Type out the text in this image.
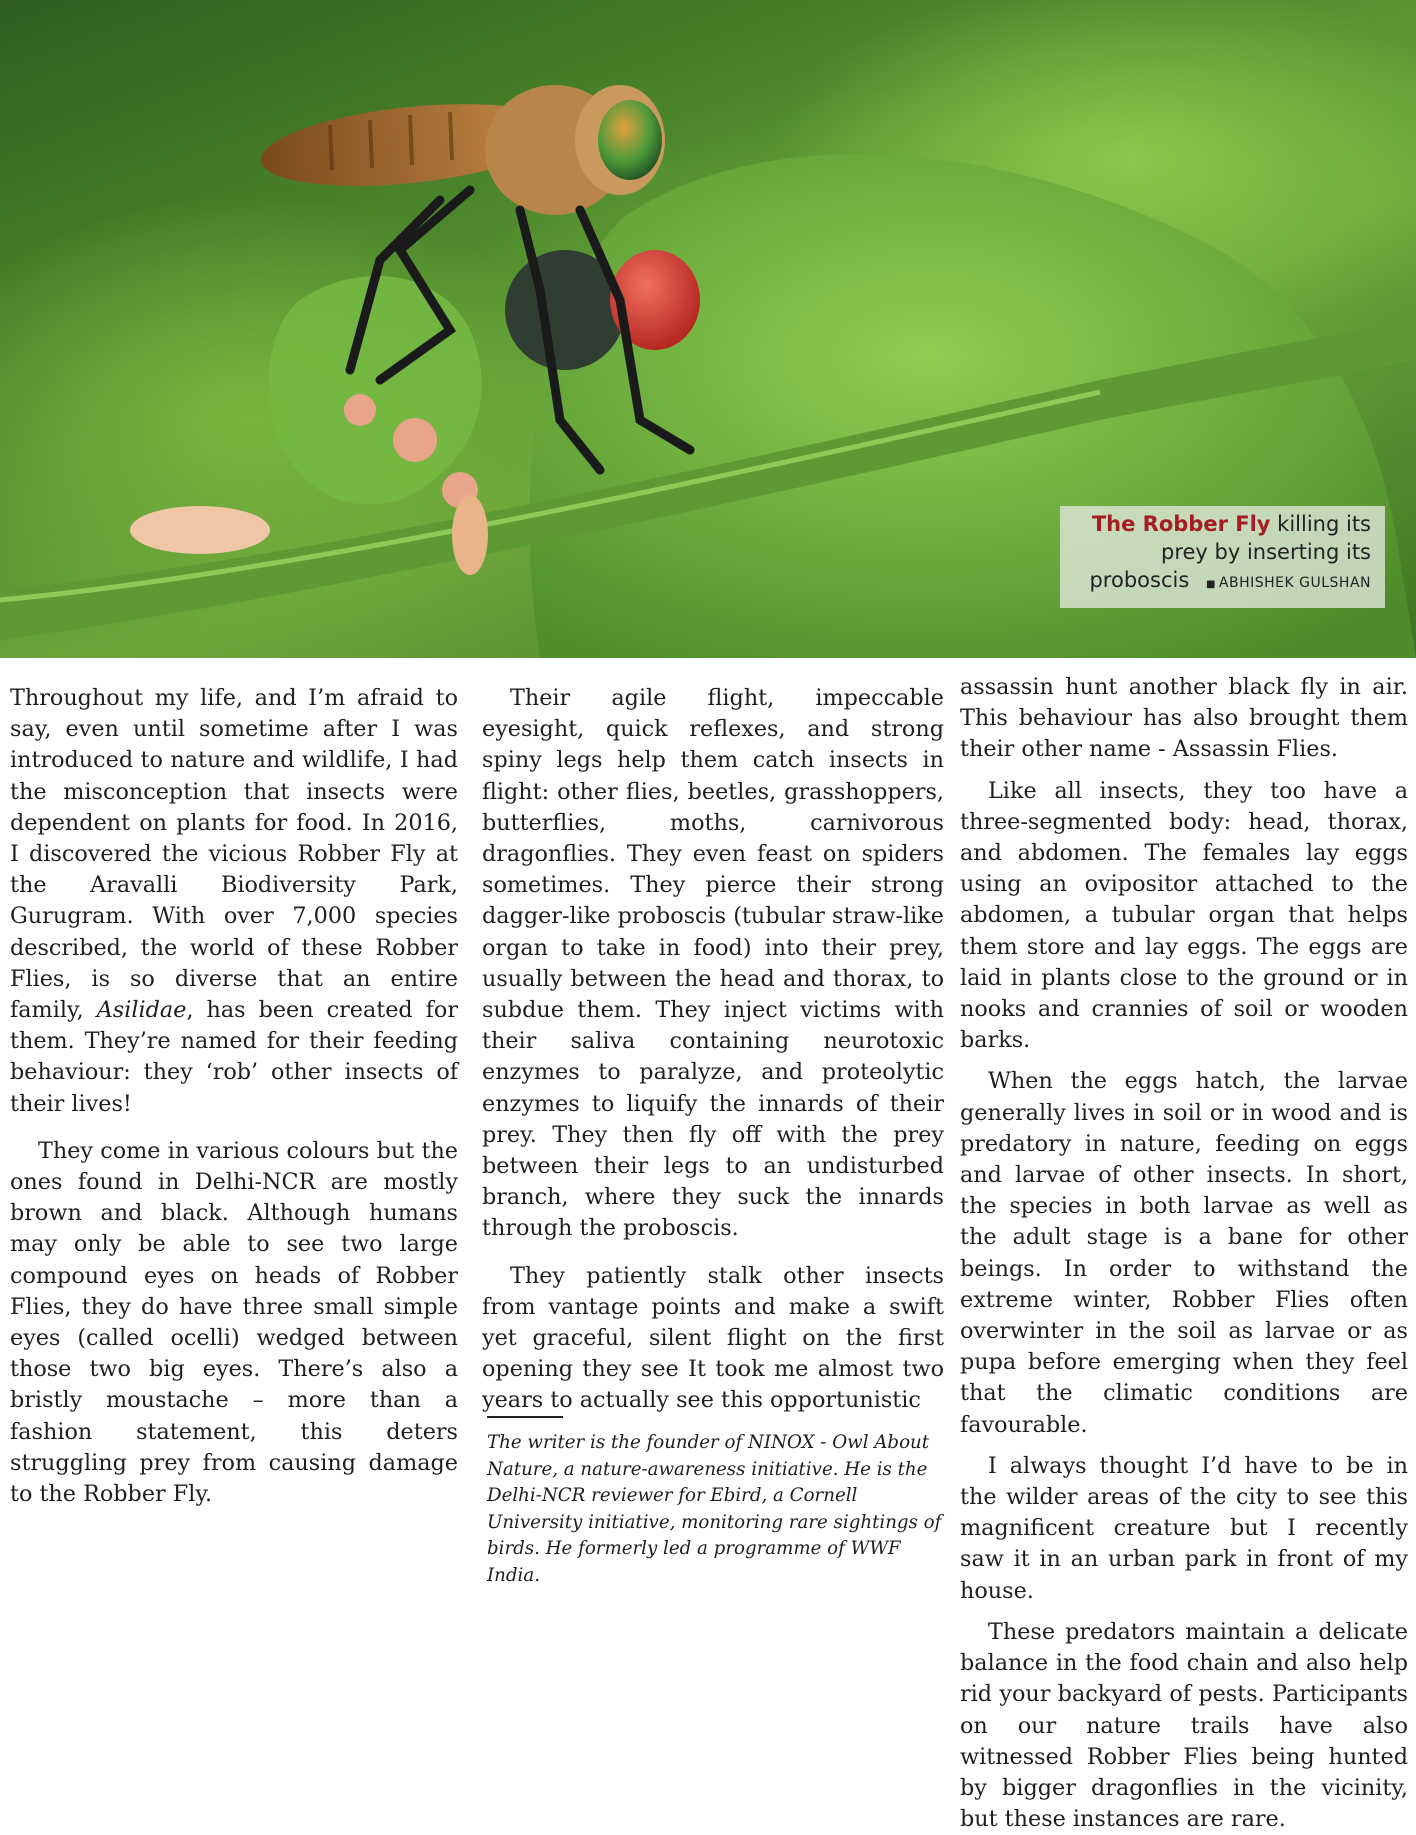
The Robber Fly killing its prey by inserting its proboscis ■ ABHISHEK GULSHAN

Throughout my life, and I’m afraid to say, even until sometime after I was introduced to nature and wildlife, I had the misconception that insects were dependent on plants for food. In 2016, I discovered the vicious Robber Fly at the Aravalli Biodiversity Park, Gurugram. With over 7,000 species described, the world of these Robber Flies, is so diverse that an entire family, Asilidae, has been created for them. They’re named for their feeding behaviour: they ‘rob’ other insects of their lives!

They come in various colours but the ones found in Delhi-NCR are mostly brown and black. Although humans may only be able to see two large compound eyes on heads of Robber Flies, they do have three small simple eyes (called ocelli) wedged between those two big eyes. There’s also a bristly moustache – more than a fashion statement, this deters struggling prey from causing damage to the Robber Fly.

Their agile flight, impeccable eyesight, quick reflexes, and strong spiny legs help them catch insects in flight: other flies, beetles, grasshoppers, butterflies, moths, carnivorous dragonflies. They even feast on spiders sometimes. They pierce their strong dagger-like proboscis (tubular straw-like organ to take in food) into their prey, usually between the head and thorax, to subdue them. They inject victims with their saliva containing neurotoxic enzymes to paralyze, and proteolytic enzymes to liquify the innards of their prey. They then fly off with the prey between their legs to an undisturbed branch, where they suck the innards through the proboscis.

They patiently stalk other insects from vantage points and make a swift yet graceful, silent flight on the first opening they see It took me almost two years to actually see this opportunistic

The writer is the founder of NINOX - Owl About Nature, a nature-awareness initiative. He is the Delhi-NCR reviewer for Ebird, a Cornell University initiative, monitoring rare sightings of birds. He formerly led a programme of WWF India.

assassin hunt another black fly in air. This behaviour has also brought them their other name - Assassin Flies.

Like all insects, they too have a three-segmented body: head, thorax, and abdomen. The females lay eggs using an ovipositor attached to the abdomen, a tubular organ that helps them store and lay eggs. The eggs are laid in plants close to the ground or in nooks and crannies of soil or wooden barks.

When the eggs hatch, the larvae generally lives in soil or in wood and is predatory in nature, feeding on eggs and larvae of other insects. In short, the species in both larvae as well as the adult stage is a bane for other beings. In order to withstand the extreme winter, Robber Flies often overwinter in the soil as larvae or as pupa before emerging when they feel that the climatic conditions are favourable.

I always thought I’d have to be in the wilder areas of the city to see this magnificent creature but I recently saw it in an urban park in front of my house.

These predators maintain a delicate balance in the food chain and also help rid your backyard of pests. Participants on our nature trails have also witnessed Robber Flies being hunted by bigger dragonflies in the vicinity, but these instances are rare.
